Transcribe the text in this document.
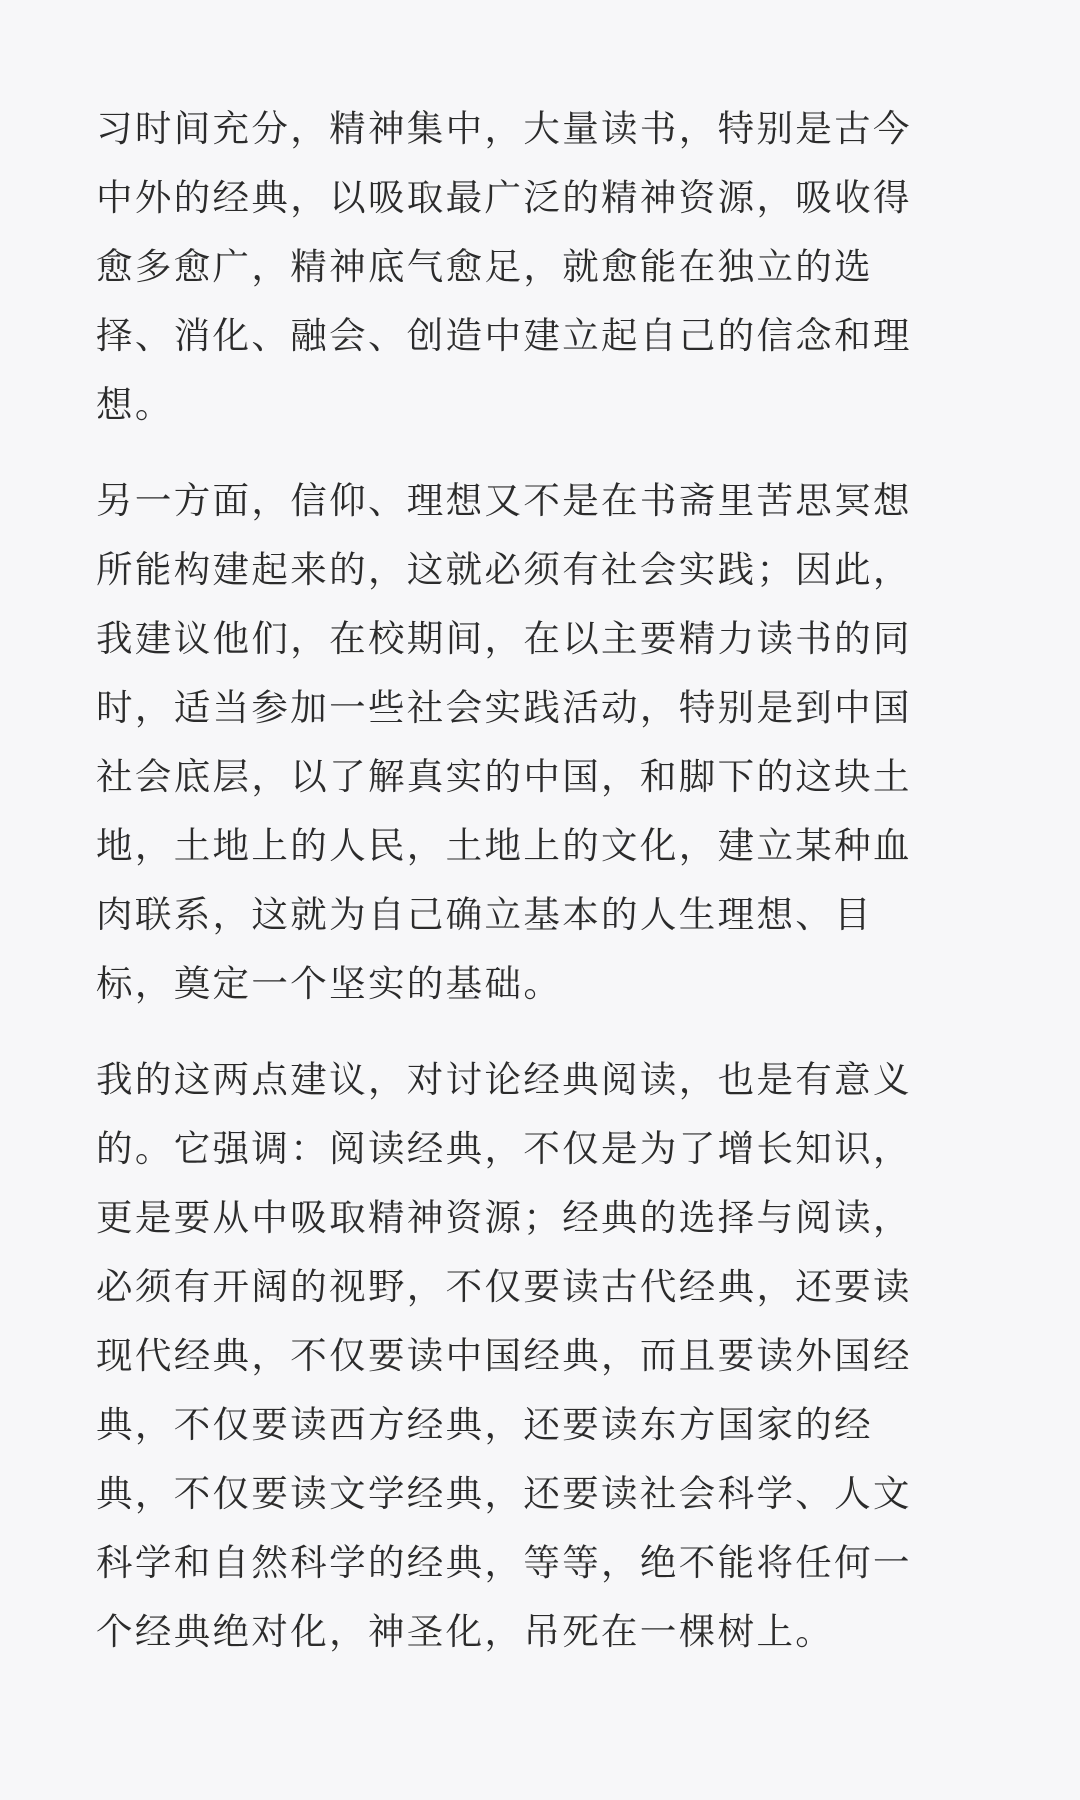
习时间充分，精神集中，大量读书，特别是古今
中外的经典，以吸取最广泛的精神资源，吸收得
愈多愈广，精神底气愈足，就愈能在独立的选
择、消化、融会、创造中建立起自己的信念和理
想。

另一方面，信仰、理想又不是在书斋里苦思冥想
所能构建起来的，这就必须有社会实践；因此，
我建议他们，在校期间，在以主要精力读书的同
时，适当参加一些社会实践活动，特别是到中国
社会底层，以了解真实的中国，和脚下的这块土
地，土地上的人民，土地上的文化，建立某种血
肉联系，这就为自己确立基本的人生理想、目
标，奠定一个坚实的基础。

我的这两点建议，对讨论经典阅读，也是有意义
的。它强调：阅读经典，不仅是为了增长知识，
更是要从中吸取精神资源；经典的选择与阅读，
必须有开阔的视野，不仅要读古代经典，还要读
现代经典，不仅要读中国经典，而且要读外国经
典，不仅要读西方经典，还要读东方国家的经
典，不仅要读文学经典，还要读社会科学、人文
科学和自然科学的经典，等等，绝不能将任何一
个经典绝对化，神圣化，吊死在一棵树上。
